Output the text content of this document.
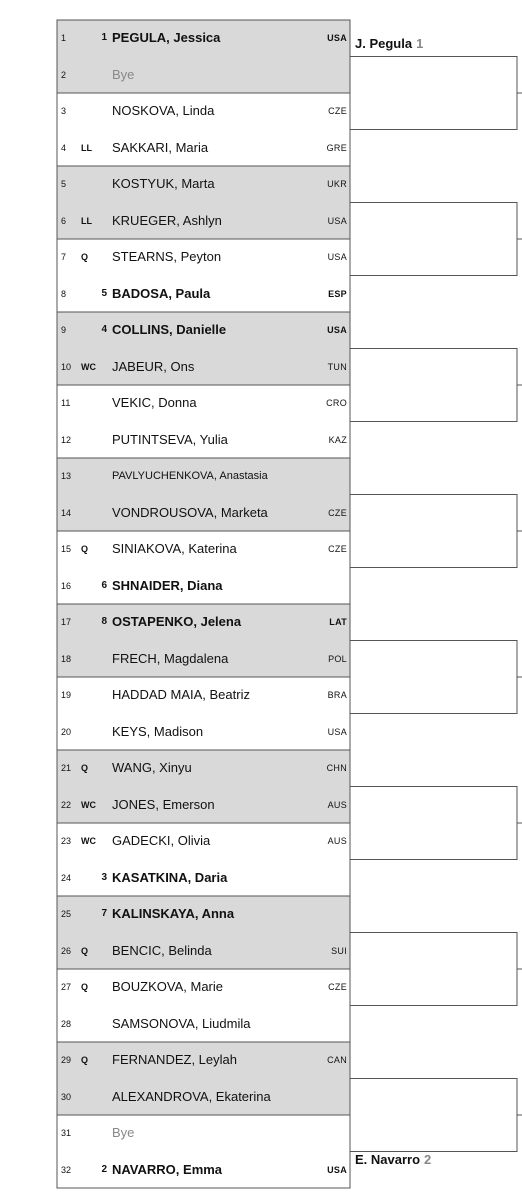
1	1 PEGULA, Jessica	USA
2	Bye
3	NOSKOVA, Linda	CZE
4 LL SAKKARI, Maria	GRE
5	KOSTYUK, Marta	UKR
6 LL KRUEGER, Ashlyn	USA
7 Q STEARNS, Peyton	USA
8	5 BADOSA, Paula	ESP
9	4 COLLINS, Danielle	USA
10 WC JABEUR, Ons	TUN
11	VEKIC, Donna	CRO
12	PUTINTSEVA, Yulia	KAZ
13	PAVLYUCHENKOVA, Anastasia
14	VONDROUSOVA, Marketa	CZE
15 Q SINIAKOVA, Katerina	CZE
16	6 SHNAIDER, Diana
17	8 OSTAPENKO, Jelena	LAT
18	FRECH, Magdalena	POL
19	HADDAD MAIA, Beatriz	BRA
20	KEYS, Madison	USA
21 Q WANG, Xinyu	CHN
22 WC JONES, Emerson	AUS
23 WC GADECKI, Olivia	AUS
24	3 KASATKINA, Daria
25	7 KALINSKAYA, Anna
26 Q BENCIC, Belinda	SUI
27 Q BOUZKOVA, Marie	CZE
28	SAMSONOVA, Liudmila
29 Q FERNANDEZ, Leylah	CAN
30	ALEXANDROVA, Ekaterina
31	Bye
32	2 NAVARRO, Emma	USA
J. Pegula 1
E. Navarro 2
